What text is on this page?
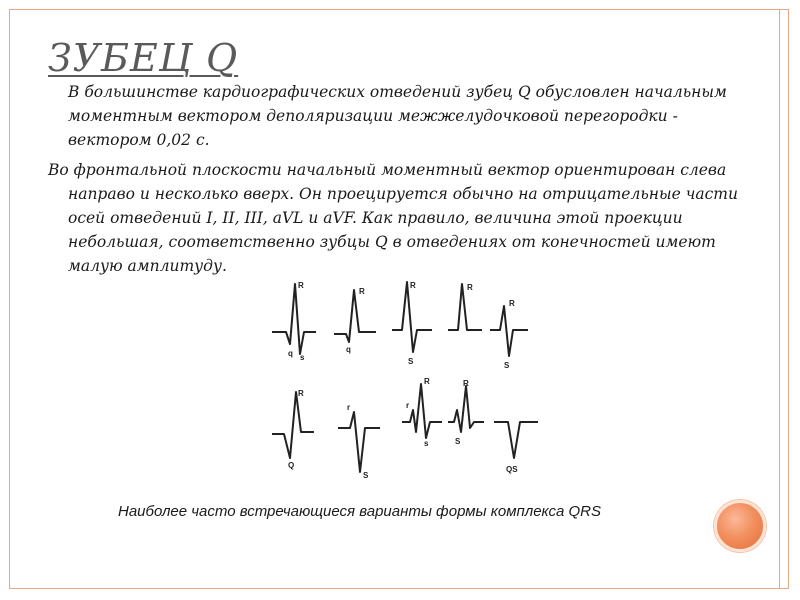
ЗУБЕЦ Q
В большинстве кардиографических отведений зубец Q обусловлен начальным моментным вектором деполяризации межжелудочковой перегородки - вектором 0,02 с.
Во фронтальной плоскости начальный моментный вектор ориентирован слева
направо и несколько вверх. Он проецируется обычно на отрицательные части осей отведений I, II, III, aVL и aVF. Как правило, величина этой проекции небольшая, соответственно зубцы Q в отведениях от конечностей имеют малую амплитуду.
R
q s
R
q
R
S
R
R
S
R
Q
r
S
R
r
s
R
S
QS
Наиболее часто встречающиеся варианты формы комплекса QRS
